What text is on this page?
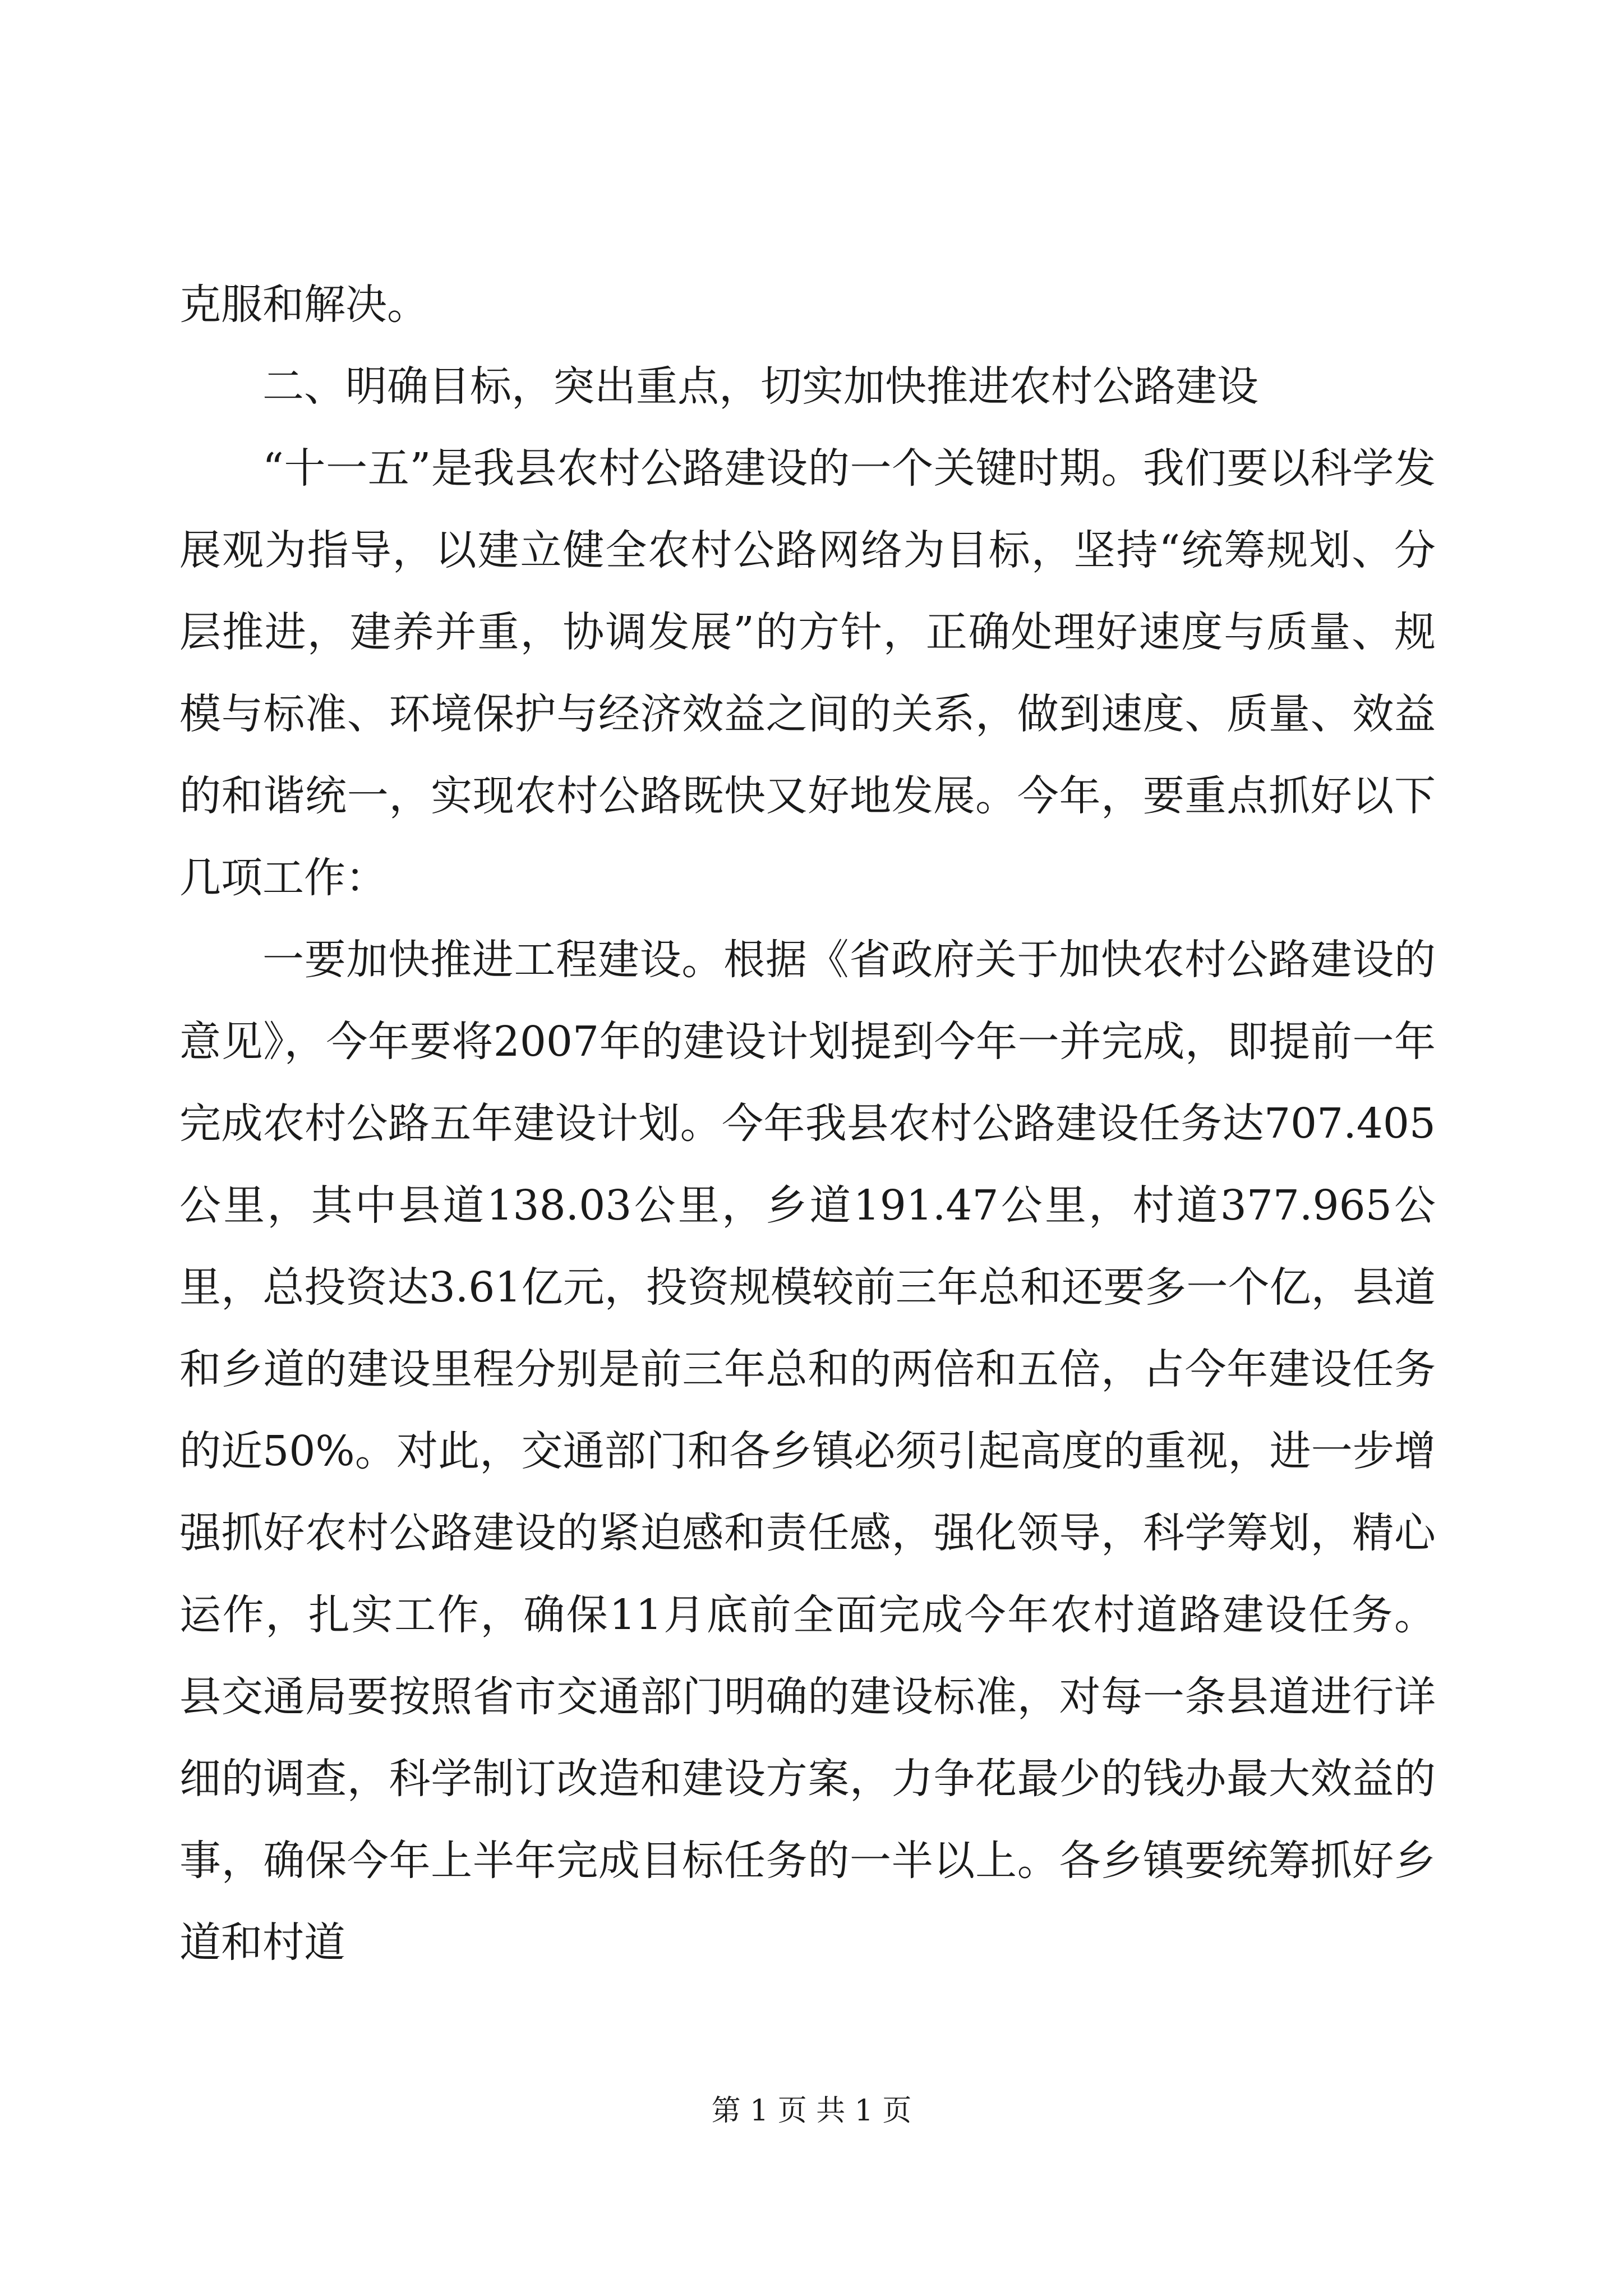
克服和解决。

二、明确目标，突出重点，切实加快推进农村公路建设

“十一五”是我县农村公路建设的一个关键时期。我们要以科学发展观为指导，以建立健全农村公路网络为目标，坚持“统筹规划、分层推进，建养并重，协调发展”的方针，正确处理好速度与质量、规模与标准、环境保护与经济效益之间的关系，做到速度、质量、效益的和谐统一，实现农村公路既快又好地发展。今年，要重点抓好以下几项工作：

一要加快推进工程建设。根据《省政府关于加快农村公路建设的意见》，今年要将2007年的建设计划提到今年一并完成，即提前一年完成农村公路五年建设计划。今年我县农村公路建设任务达707.405公里，其中县道138.03公里，乡道191.47公里，村道377.965公里，总投资达3.61亿元，投资规模较前三年总和还要多一个亿，县道和乡道的建设里程分别是前三年总和的两倍和五倍，占今年建设任务的近50%。对此，交通部门和各乡镇必须引起高度的重视，进一步增强抓好农村公路建设的紧迫感和责任感，强化领导，科学筹划，精心运作，扎实工作，确保11月底前全面完成今年农村道路建设任务。县交通局要按照省市交通部门明确的建设标准，对每一条县道进行详细的调查，科学制订改造和建设方案，力争花最少的钱办最大效益的事，确保今年上半年完成目标任务的一半以上。各乡镇要统筹抓好乡道和村道

第 1 页 共 1 页
